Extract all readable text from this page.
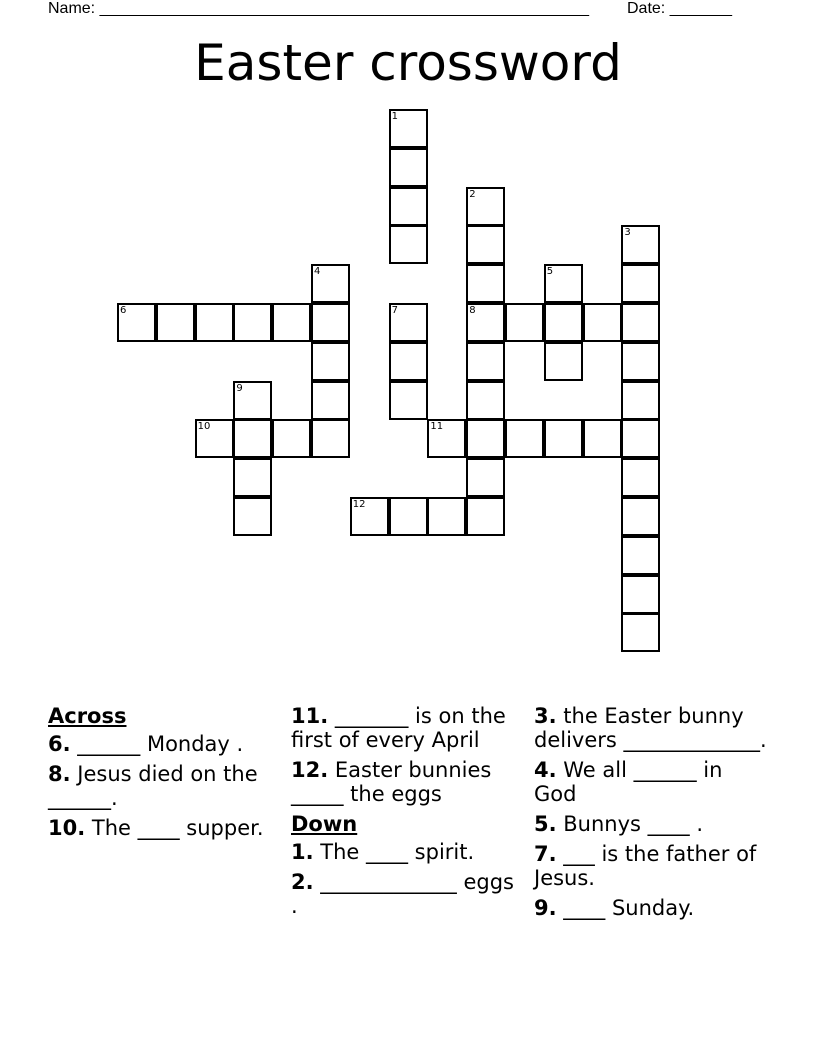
Name: _______________________________________________________ Date: _______
Easter crossword
1
2
8
3
4	5
6	7
9
10	11
12
Across
6. ______ Monday .
8. Jesus died on the ______.
10. The ____ supper.
11. _______ is on the first of every April
12. Easter bunnies _____ the eggs
Down
1. The ____ spirit.
2. _____________ eggs .
3. the Easter bunny delivers _____________.
4. We all ______ in God
5. Bunnys ____ .
7. ___ is the father of Jesus.
9. ____ Sunday.
